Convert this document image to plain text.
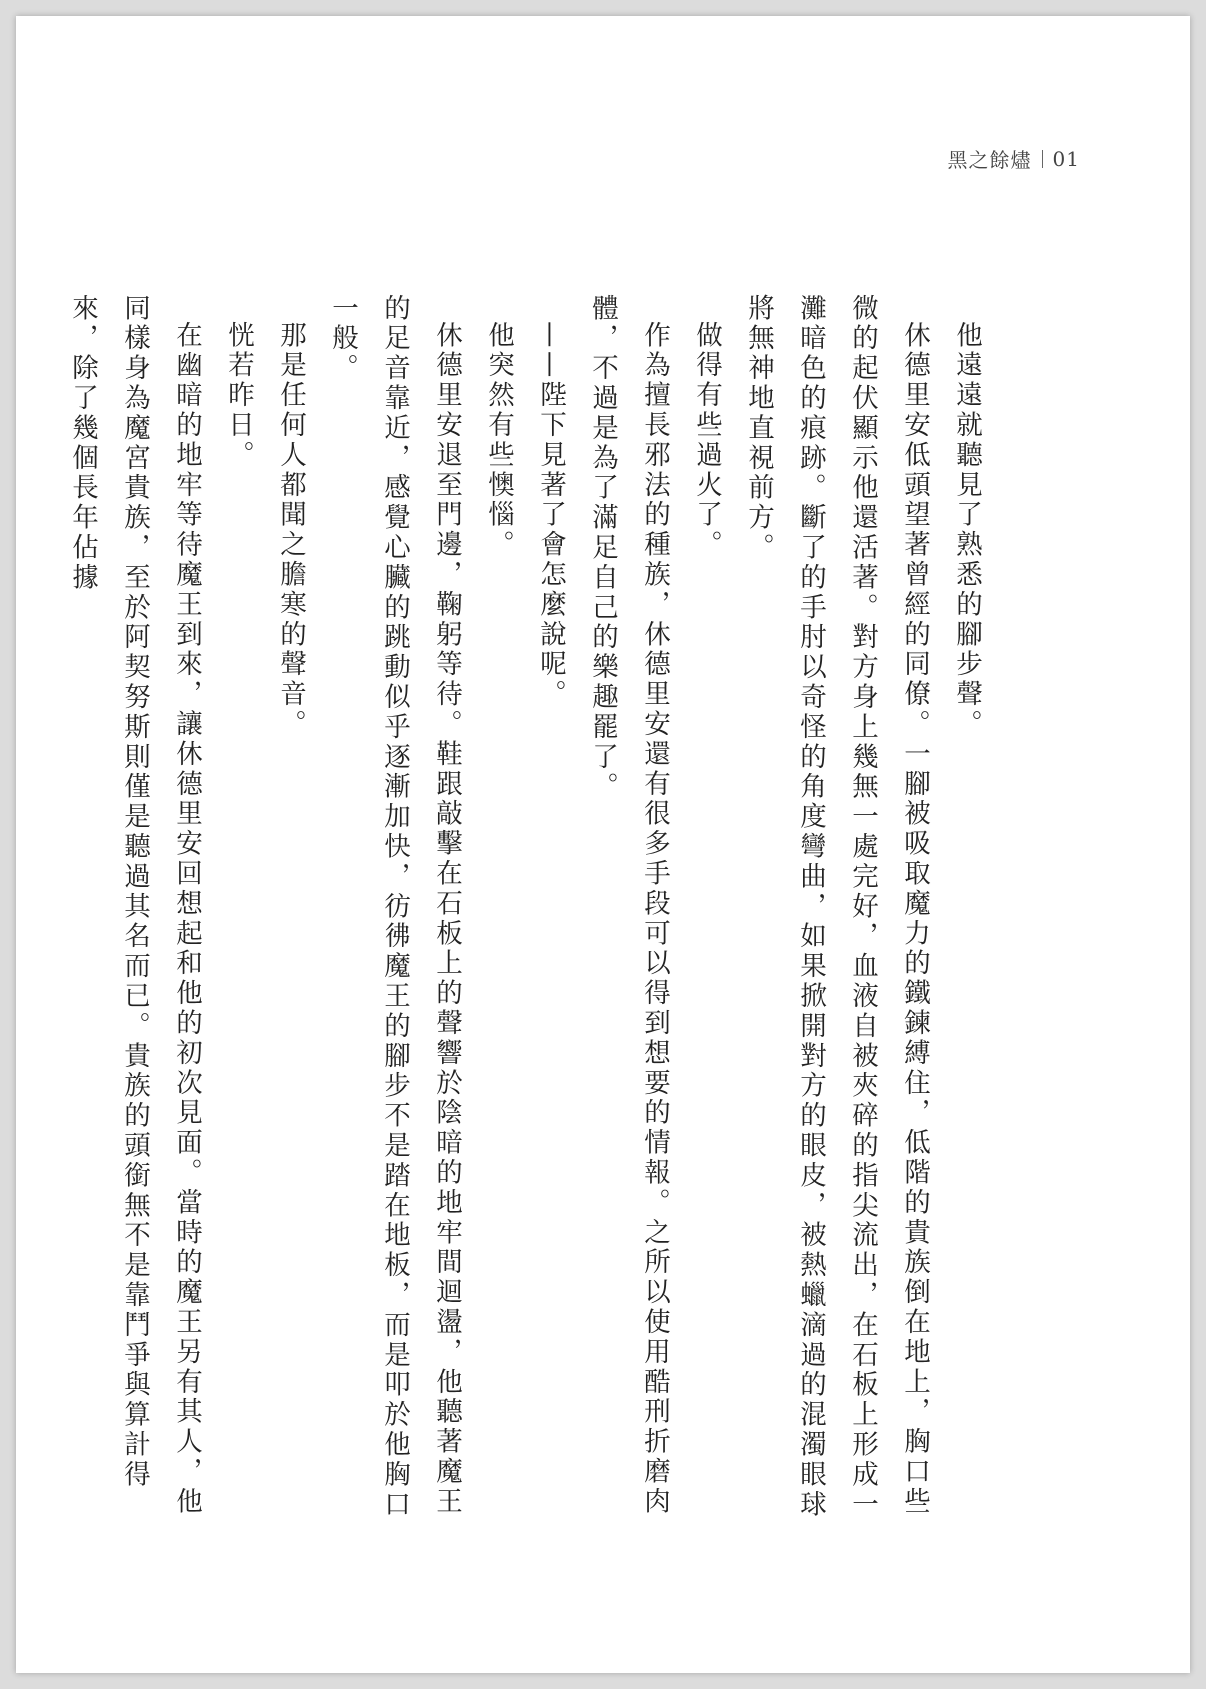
黑之餘燼 01

他遠遠就聽見了熟悉的腳步聲。

休德里安低頭望著曾經的同僚。一腳被吸取魔力的鐵鍊縛住，低階的貴族倒在地上，胸口些微的起伏顯示他還活著。對方身上幾無一處完好，血液自被夾碎的指尖流出，在石板上形成一灘暗色的痕跡。斷了的手肘以奇怪的角度彎曲，如果掀開對方的眼皮，被熱蠟滴過的混濁眼球將無神地直視前方。

做得有些過火了。

作為擅長邪法的種族，休德里安還有很多手段可以得到想要的情報。之所以使用酷刑折磨肉體，不過是為了滿足自己的樂趣罷了。

——陛下見著了會怎麼說呢。

他突然有些懊惱。

休德里安退至門邊，鞠躬等待。鞋跟敲擊在石板上的聲響於陰暗的地牢間迴盪，他聽著魔王的足音靠近，感覺心臟的跳動似乎逐漸加快，彷彿魔王的腳步不是踏在地板，而是叩於他胸口一般。

那是任何人都聞之膽寒的聲音。

恍若昨日。

在幽暗的地牢等待魔王到來，讓休德里安回想起和他的初次見面。當時的魔王另有其人，他同樣身為魔宮貴族，至於阿契努斯則僅是聽過其名而已。貴族的頭銜無不是靠鬥爭與算計得來，除了幾個長年佔據
